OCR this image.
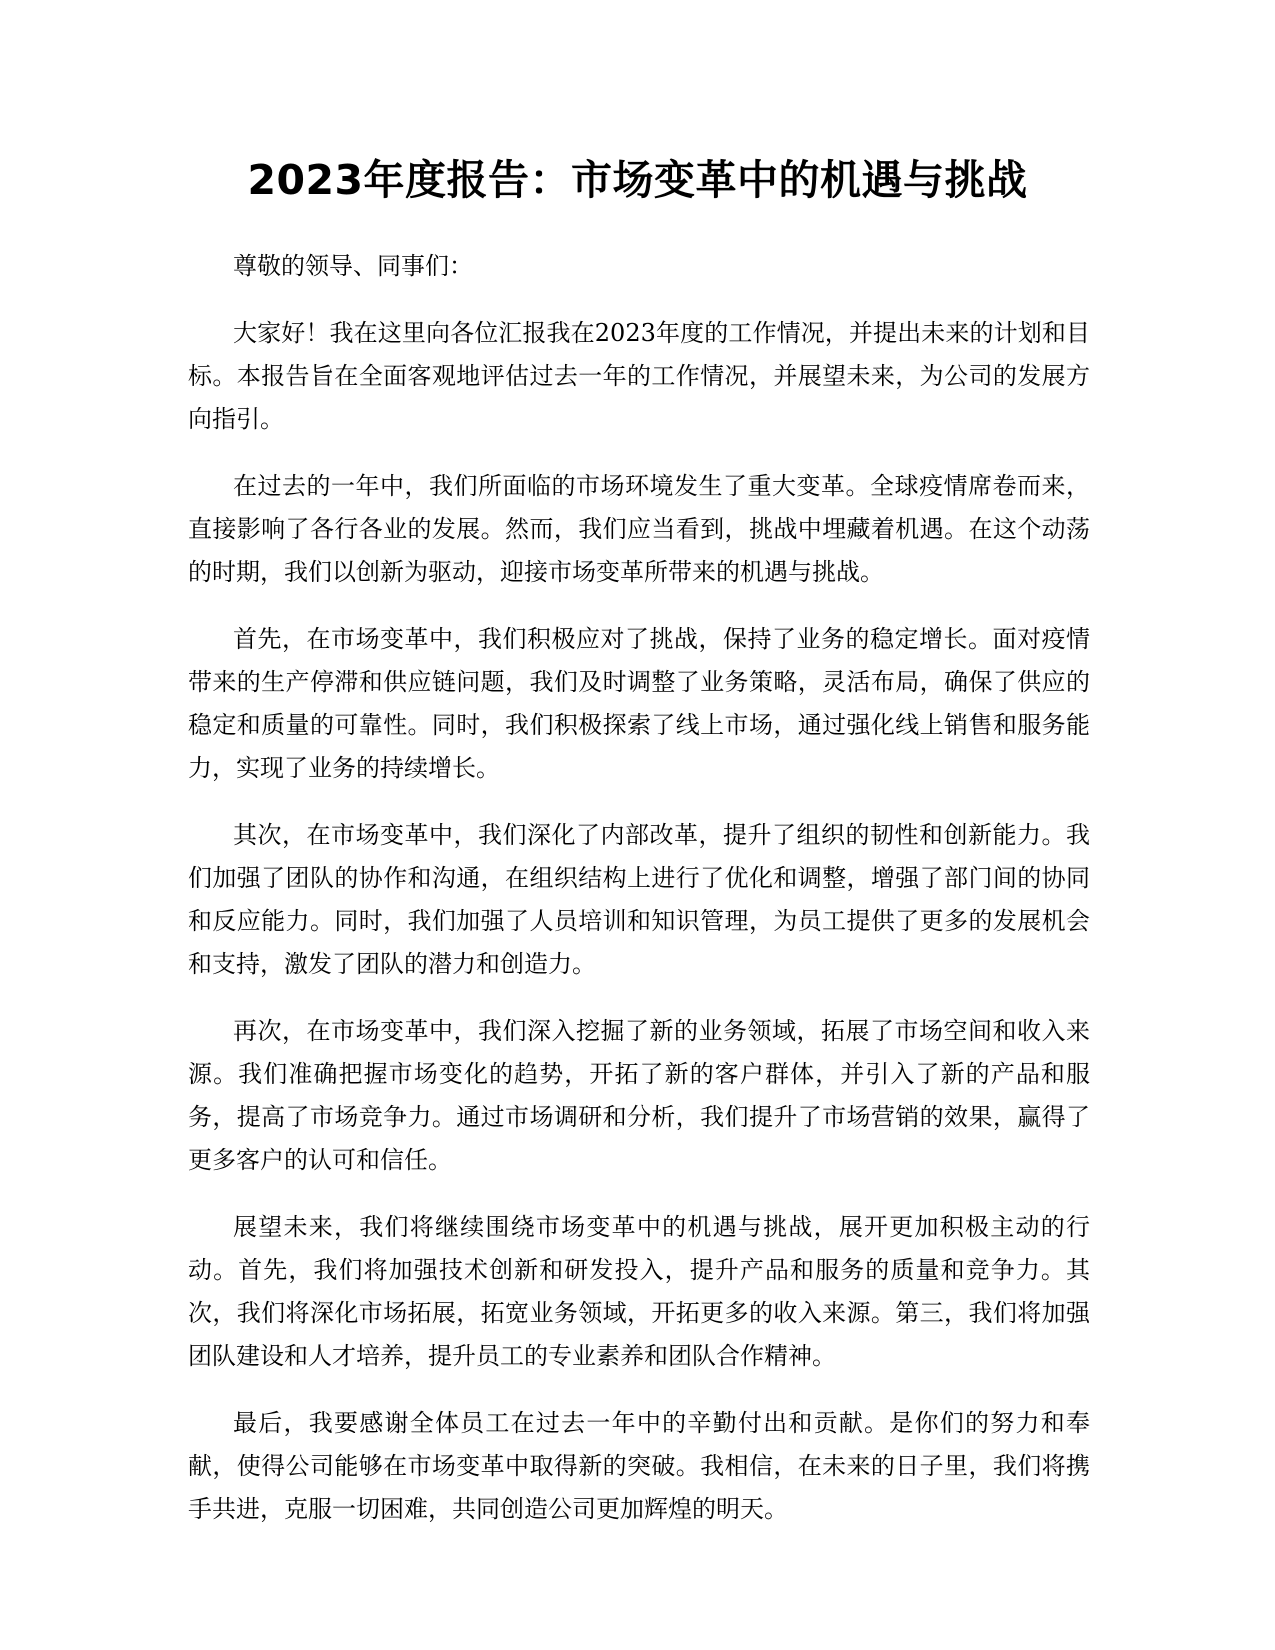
2023年度报告：市场变革中的机遇与挑战

尊敬的领导、同事们：

大家好！我在这里向各位汇报我在2023年度的工作情况，并提出未来的计划和目标。本报告旨在全面客观地评估过去一年的工作情况，并展望未来，为公司的发展方向指引。

在过去的一年中，我们所面临的市场环境发生了重大变革。全球疫情席卷而来，直接影响了各行各业的发展。然而，我们应当看到，挑战中埋藏着机遇。在这个动荡的时期，我们以创新为驱动，迎接市场变革所带来的机遇与挑战。

首先，在市场变革中，我们积极应对了挑战，保持了业务的稳定增长。面对疫情带来的生产停滞和供应链问题，我们及时调整了业务策略，灵活布局，确保了供应的稳定和质量的可靠性。同时，我们积极探索了线上市场，通过强化线上销售和服务能力，实现了业务的持续增长。

其次，在市场变革中，我们深化了内部改革，提升了组织的韧性和创新能力。我们加强了团队的协作和沟通，在组织结构上进行了优化和调整，增强了部门间的协同和反应能力。同时，我们加强了人员培训和知识管理，为员工提供了更多的发展机会和支持，激发了团队的潜力和创造力。

再次，在市场变革中，我们深入挖掘了新的业务领域，拓展了市场空间和收入来源。我们准确把握市场变化的趋势，开拓了新的客户群体，并引入了新的产品和服务，提高了市场竞争力。通过市场调研和分析，我们提升了市场营销的效果，赢得了更多客户的认可和信任。

展望未来，我们将继续围绕市场变革中的机遇与挑战，展开更加积极主动的行动。首先，我们将加强技术创新和研发投入，提升产品和服务的质量和竞争力。其次，我们将深化市场拓展，拓宽业务领域，开拓更多的收入来源。第三，我们将加强团队建设和人才培养，提升员工的专业素养和团队合作精神。

最后，我要感谢全体员工在过去一年中的辛勤付出和贡献。是你们的努力和奉献，使得公司能够在市场变革中取得新的突破。我相信，在未来的日子里，我们将携手共进，克服一切困难，共同创造公司更加辉煌的明天。
